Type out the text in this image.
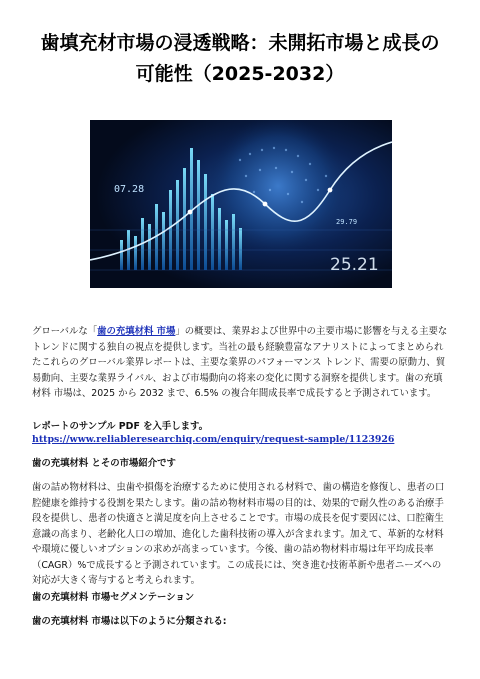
歯填充材市場の浸透戦略：未開拓市場と成長の
可能性（2025-2032）
07.28
29.79
25.21

グローバルな「歯の充填材料 市場」の概要は、業界および世界中の主要市場に影響を与える主要なトレンドに関する独自の視点を提供します。当社の最も経験豊富なアナリストによってまとめられたこれらのグローバル業界レポートは、主要な業界のパフォーマンス トレンド、需要の原動力、貿易動向、主要な業界ライバル、および市場動向の将来の変化に関する洞察を提供します。歯の充填材料 市場は、2025 から 2032 まで、6.5% の複合年間成長率で成長すると予測されています。

レポートのサンプル PDF を入手します。 https://www.reliableresearchiq.com/enquiry/request-sample/1123926

歯の充填材料 とその市場紹介です

歯の詰め物材料は、虫歯や損傷を治療するために使用される材料で、歯の構造を修復し、患者の口腔健康を維持する役割を果たします。歯の詰め物材料市場の目的は、効果的で耐久性のある治療手段を提供し、患者の快適さと満足度を向上させることです。市場の成長を促す要因には、口腔衛生意識の高まり、老齢化人口の増加、進化した歯科技術の導入が含まれます。加えて、革新的な材料や環境に優しいオプションの求めが高まっています。今後、歯の詰め物材料市場は年平均成長率（CAGR）%で成長すると予測されています。この成長には、突き進む技術革新や患者ニーズへの対応が大きく寄与すると考えられます。

歯の充填材料 市場セグメンテーション

歯の充填材料 市場は以下のように分類される:
